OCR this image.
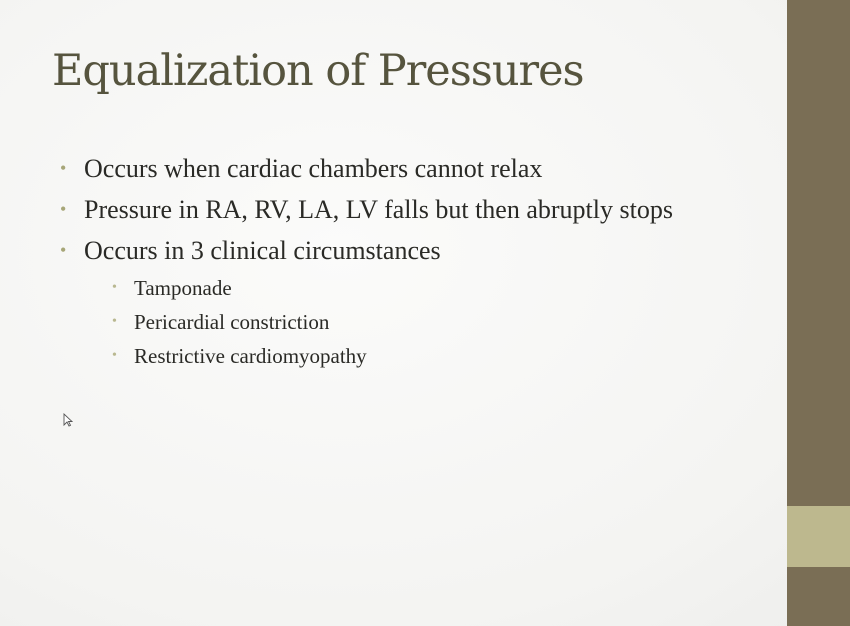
Equalization of Pressures
• Occurs when cardiac chambers cannot relax
• Pressure in RA, RV, LA, LV falls but then abruptly stops
• Occurs in 3 clinical circumstances
• Tamponade
• Pericardial constriction
• Restrictive cardiomyopathy
